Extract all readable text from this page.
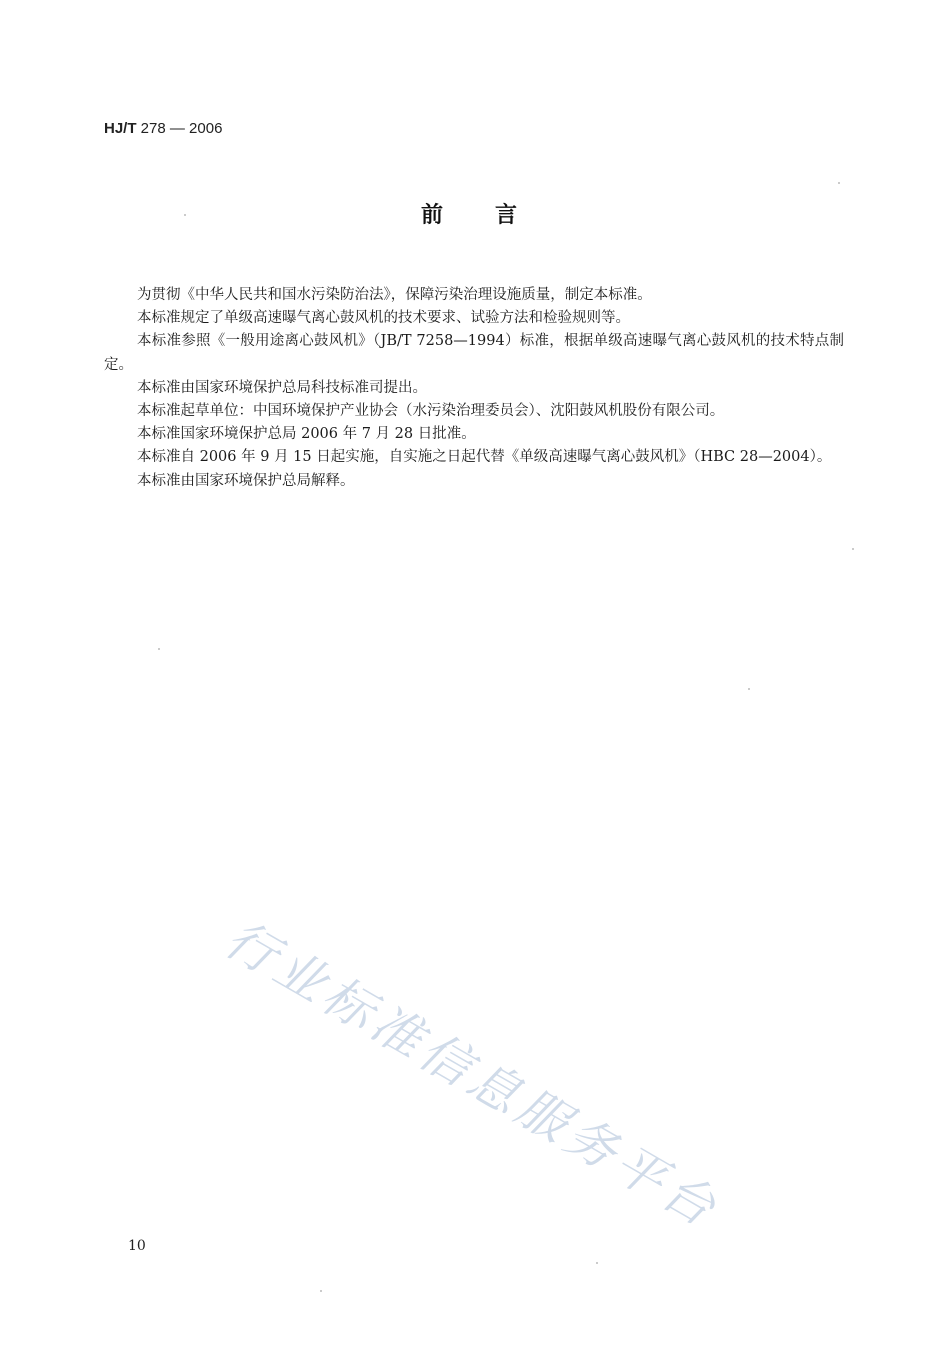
HJ/T 278 — 2006
前言

为贯彻《中华人民共和国水污染防治法》，保障污染治理设施质量，制定本标准。

本标准规定了单级高速曝气离心鼓风机的技术要求、试验方法和检验规则等。

本标准参照《一般用途离心鼓风机》（JB/T 7258—1994）标准，根据单级高速曝气离心鼓风机的技术特点制定。

本标准由国家环境保护总局科技标准司提出。

本标准起草单位：中国环境保护产业协会（水污染治理委员会）、沈阳鼓风机股份有限公司。

本标准国家环境保护总局 2006 年 7 月 28 日批准。

本标准自 2006 年 9 月 15 日起实施，自实施之日起代替《单级高速曝气离心鼓风机》（HBC 28—2004）。

本标准由国家环境保护总局解释。

行业标准信息服务平台
10
